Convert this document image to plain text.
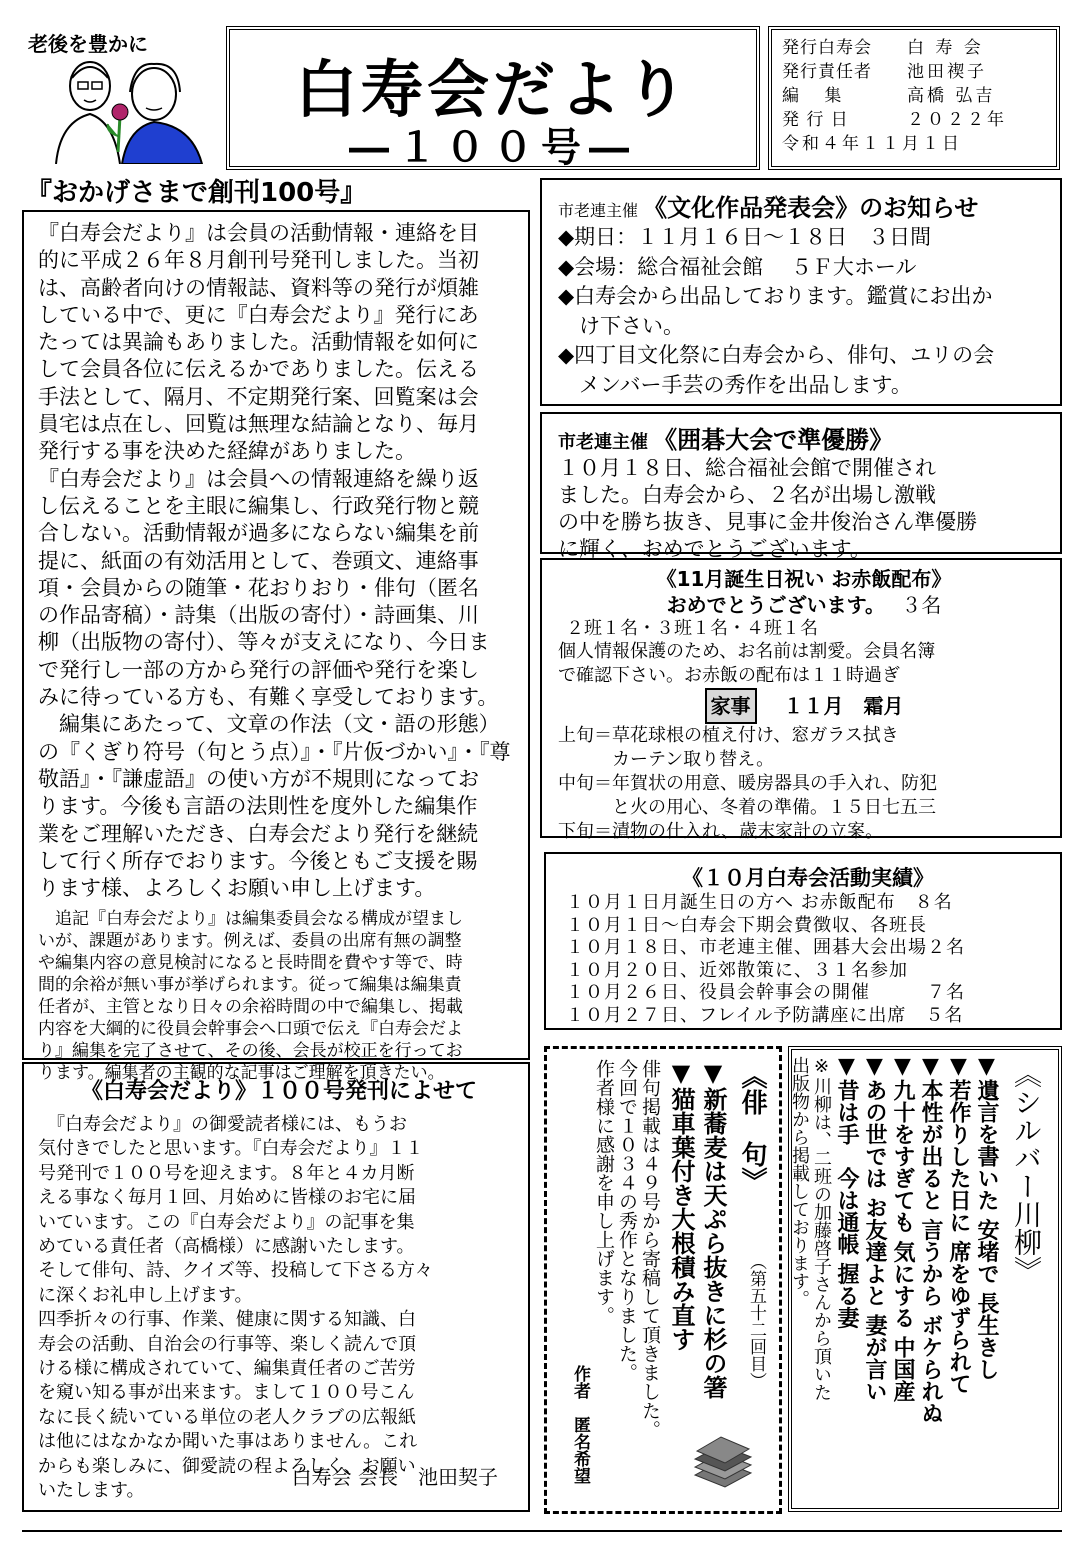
老後を豊かに
白寿会だより
―１００号―
発行白寿会	白 寿 会
発行責任者	池田禊子
編　 集	高橋 弘吉
発 行 日	２０２２年
令和４年１１月１日
『おかげさまで創刊100号』
『白寿会だより』は会員の活動情報・連絡を目
的に平成２６年８月創刊号発刊しました。当初
は、高齢者向けの情報誌、資料等の発行が煩雑
している中で、更に『白寿会だより』発行にあ
たっては異論もありました。活動情報を如何に
して会員各位に伝えるかでありました。伝える
手法として、隔月、不定期発行案、回覧案は会
員宅は点在し、回覧は無理な結論となり、毎月
発行する事を決めた経緯がありました。
『白寿会だより』は会員への情報連絡を繰り返
し伝えることを主眼に編集し、行政発行物と競
合しない。活動情報が過多にならない編集を前
提に、紙面の有効活用として、巻頭文、連絡事
項・会員からの随筆・花おりおり・俳句（匿名
の作品寄稿）・詩集（出版の寄付）・詩画集、川
柳（出版物の寄付）、等々が支えになり、今日ま
で発行し一部の方から発行の評価や発行を楽し
みに待っている方も、有難く享受しております。
　編集にあたって、文章の作法（文・語の形態）
の『くぎり符号（句とう点）』・『片仮づかい』・『尊
敬語』・『謙虚語』の使い方が不規則になってお
ります。今後も言語の法則性を度外した編集作
業をご理解いただき、白寿会だより発行を継続
して行く所存でおります。今後ともご支援を賜
ります様、よろしくお願い申し上げます。
　追記『白寿会だより』は編集委員会なる構成が望まし
いが、課題があります。例えば、委員の出席有無の調整
や編集内容の意見検討になると長時間を費やす等で、時
間的余裕が無い事が挙げられます。従って編集は編集責
任者が、主管となり日々の余裕時間の中で編集し、掲載
内容を大綱的に役員会幹事会へ口頭で伝え『白寿会だよ
り』編集を完了させて、その後、会長が校正を行ってお
ります。編集者の主観的な記事はご理解を頂きたい。
《白寿会だより》１００号発刊によせて
　『白寿会だより』の御愛読者様には、もうお
気付きでしたと思います。『白寿会だより』１１
号発刊で１００号を迎えます。８年と４カ月断
える事なく毎月１回、月始めに皆様のお宅に届
いています。この『白寿会だより』の記事を集
めている責任者（高橋様）に感謝いたします。
そして俳句、詩、クイズ等、投稿して下さる方々
に深くお礼申し上げます。
四季折々の行事、作業、健康に関する知識、白
寿会の活動、自治会の行事等、楽しく読んで頂
ける様に構成されていて、編集責任者のご苦労
を窺い知る事が出来ます。まして１００号こん
なに長く続いている単位の老人クラブの広報紙
は他にはなかなか聞いた事はありません。これ
からも楽しみに、御愛読の程よろしく、お願い
いたします。
白寿会 会長　池田契子
市老連主催 《文化作品発表会》のお知らせ
◆期日：１１月１６日～１８日　３日間
◆会場：総合福祉会館　 ５Ｆ大ホール
◆白寿会から出品しております。鑑賞にお出か
　け下さい。
◆四丁目文化祭に白寿会から、俳句、ユリの会
　メンバー手芸の秀作を出品します。
市老連主催 《囲碁大会で準優勝》
１０月１８日、総合福祉会館で開催され
ました。白寿会から、２名が出場し激戦
の中を勝ち抜き、見事に金井俊治さん準優勝
に輝く、おめでとうございます。
《11月誕生日祝い お赤飯配布》
おめでとうございます。　 ３名
２班１名・３班１名・４班１名
個人情報保護のため、お名前は割愛。会員名簿
で確認下さい。お赤飯の配布は１１時過ぎ
家事　 １１月　霜月
上旬＝草花球根の植え付け、窓ガラス拭き
　　　カーテン取り替え。
中旬＝年賀状の用意、暖房器具の手入れ、防犯
　　　と火の用心、冬着の準備。１５日七五三
下旬＝漬物の仕入れ、歳末家計の立案。
《１０月白寿会活動実績》
１０月１日月誕生日の方へ お赤飯配布　８名
１０月１日～白寿会下期会費徴収、各班長
１０月１８日、市老連主催、囲碁大会出場２名
１０月２０日、近郊散策に、３１名参加
１０月２６日、役員会幹事会の開催　　　７名
１０月２７日、フレイル予防講座に出席　５名
《俳　句》
（第五十二回目）
▼新蕎麦は天ぷら抜きに杉の箸
▼猫車葉付き大根積み直す
俳句掲載は４９号から寄稿して頂きました。
今回で１０３４の秀作となりました。
作者様に感謝を申し上げます。
作者　匿名希望
《シルバー川柳》
▼遺言を書いた 安堵で 長生きし
▼若作りした日に 席をゆずられて
▼本性が出ると 言うから ボケられぬ
▼九十をすぎても 気にする 中国産
▼あの世では お友達よと 妻が言い
▼昔は手　今は通帳 握る妻
※川柳は、二班の加藤啓子さんから頂いた
出版物から掲載しております。
